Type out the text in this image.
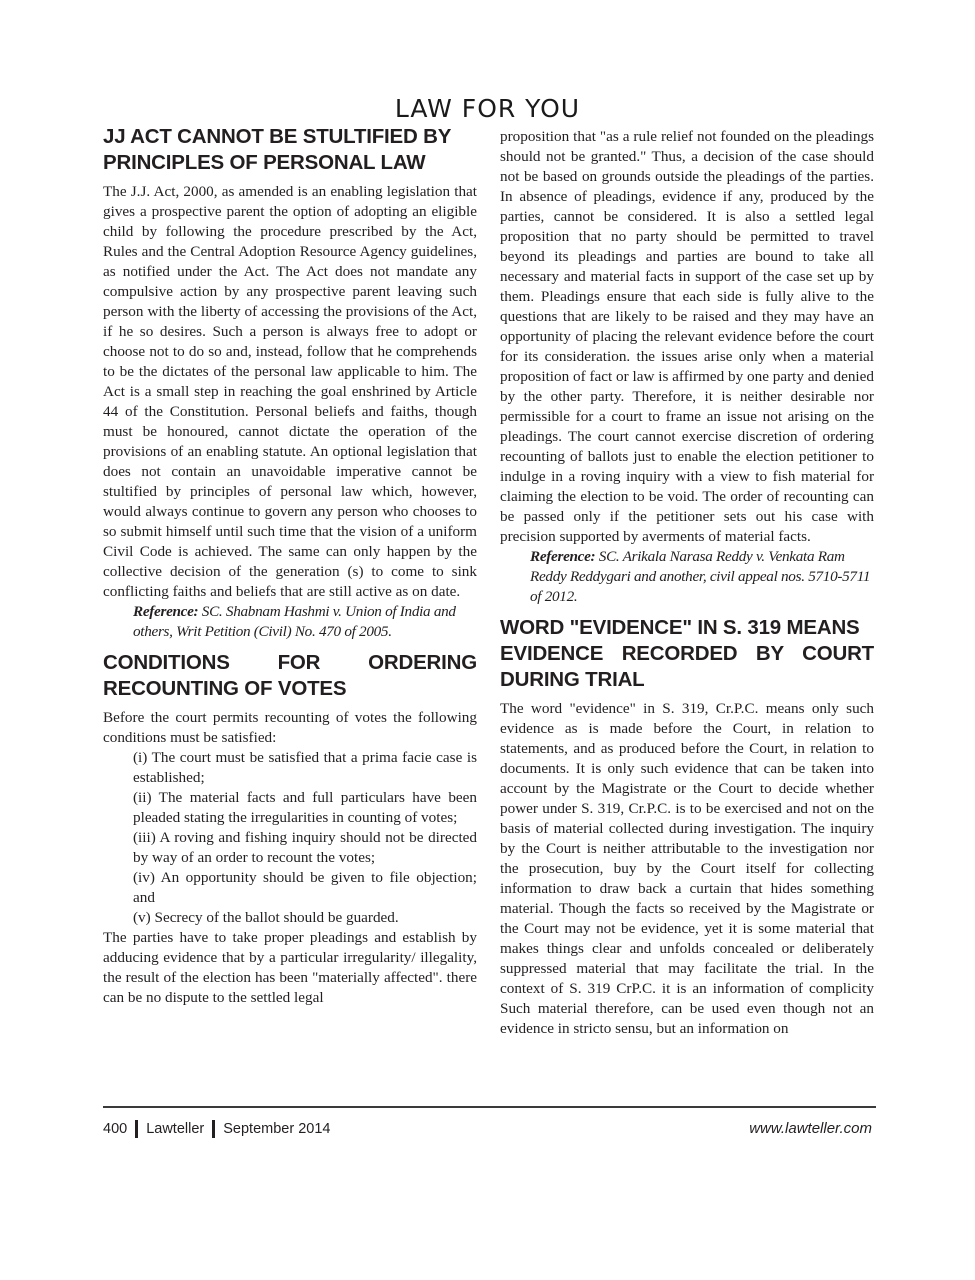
LAW FOR YOU
JJ ACT CANNOT BE STULTIFIED BY
PRINCIPLES OF PERSONAL LAW

The J.J. Act, 2000, as amended is an enabling legislation that gives a prospective parent the option of adopting an eligible child by following the procedure prescribed by the Act, Rules and the Central Adoption Resource Agency guidelines, as notified under the Act. The Act does not mandate any compulsive action by any prospective parent leaving such person with the liberty of accessing the provisions of the Act, if he so desires. Such a person is always free to adopt or choose not to do so and, instead, follow that he comprehends to be the dictates of the personal law applicable to him. The Act is a small step in reaching the goal enshrined by Article 44 of the Constitution. Personal beliefs and faiths, though must be honoured, cannot dictate the operation of the provisions of an enabling statute. An optional legislation that does not contain an unavoidable imperative cannot be stultified by principles of personal law which, however, would always continue to govern any person who chooses to so submit himself until such time that the vision of a uniform Civil Code is achieved. The same can only happen by the collective decision of the generation (s) to come to sink conflicting faiths and beliefs that are still active as on date.

Reference: SC. Shabnam Hashmi v. Union of India and others, Writ Petition (Civil) No. 470 of 2005.

CONDITIONS FOR ORDERING
RECOUNTING OF VOTES

Before the court permits recounting of votes the following conditions must be satisfied:

(i) The court must be satisfied that a prima facie case is established;

(ii) The material facts and full particulars have been pleaded stating the irregularities in counting of votes;

(iii) A roving and fishing inquiry should not be directed by way of an order to recount the votes;

(iv) An opportunity should be given to file objection; and

(v) Secrecy of the ballot should be guarded.

The parties have to take proper pleadings and establish by adducing evidence that by a particular irregularity/ illegality, the result of the election has been "materially affected". there can be no dispute to the settled legal

proposition that "as a rule relief not founded on the pleadings should not be granted." Thus, a decision of the case should not be based on grounds outside the pleadings of the parties. In absence of pleadings, evidence if any, produced by the parties, cannot be considered. It is also a settled legal proposition that no party should be permitted to travel beyond its pleadings and parties are bound to take all necessary and material facts in support of the case set up by them. Pleadings ensure that each side is fully alive to the questions that are likely to be raised and they may have an opportunity of placing the relevant evidence before the court for its consideration. the issues arise only when a material proposition of fact or law is affirmed by one party and denied by the other party. Therefore, it is neither desirable nor permissible for a court to frame an issue not arising on the pleadings. The court cannot exercise discretion of ordering recounting of ballots just to enable the election petitioner to indulge in a roving inquiry with a view to fish material for claiming the election to be void. The order of recounting can be passed only if the petitioner sets out his case with precision supported by averments of material facts.

Reference: SC. Arikala Narasa Reddy v. Venkata Ram Reddy Reddygari and another, civil appeal nos. 5710-5711 of 2012.

WORD "EVIDENCE" IN S. 319 MEANS
EVIDENCE RECORDED BY COURT
DURING TRIAL

The word "evidence" in S. 319, Cr.P.C. means only such evidence as is made before the Court, in relation to statements, and as produced before the Court, in relation to documents. It is only such evidence that can be taken into account by the Magistrate or the Court to decide whether power under S. 319, Cr.P.C. is to be exercised and not on the basis of material collected during investigation. The inquiry by the Court is neither attributable to the investigation nor the prosecution, buy by the Court itself for collecting information to draw back a curtain that hides something material. Though the facts so received by the Magistrate or the Court may not be evidence, yet it is some material that makes things clear and unfolds concealed or deliberately suppressed material that may facilitate the trial. In the context of S. 319 CrP.C. it is an information of complicity Such material therefore, can be used even though not an evidence in stricto sensu, but an information on

400 Lawteller September 2014	www.lawteller.com
